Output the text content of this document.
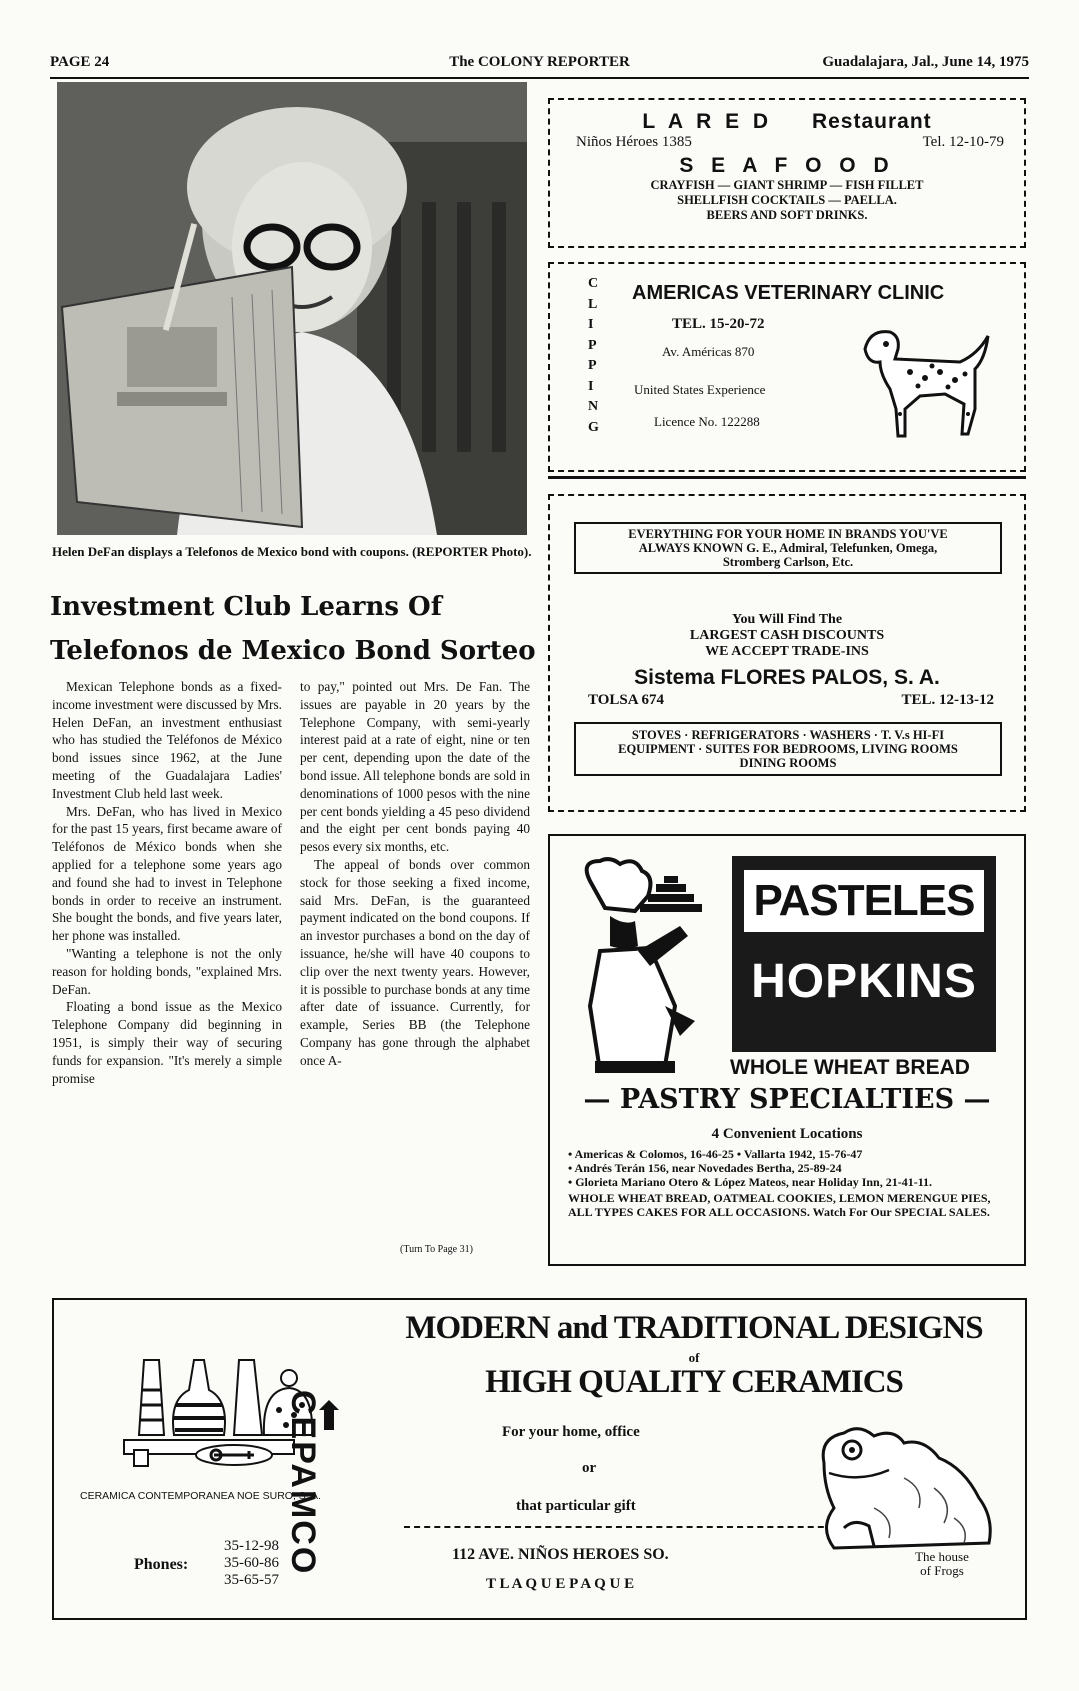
PAGE 24	The COLONY REPORTER	Guadalajara, Jal., June 14, 1975
Helen DeFan displays a Telefonos de Mexico bond with coupons. (REPORTER Photo).
Investment Club Learns Of
Telefonos de Mexico Bond Sorteo

Mexican Telephone bonds as a fixed-income investment were discussed by Mrs. Helen DeFan, an investment enthusiast who has studied the Teléfonos de México bond issues since 1962, at the June meeting of the Guadalajara Ladies' Investment Club held last week.

Mrs. DeFan, who has lived in Mexico for the past 15 years, first became aware of Teléfonos de México bonds when she applied for a telephone some years ago and found she had to invest in Telephone bonds in order to receive an instrument. She bought the bonds, and five years later, her phone was installed.

"Wanting a telephone is not the only reason for holding bonds, "explained Mrs. DeFan.

Floating a bond issue as the Mexico Telephone Company did beginning in 1951, is simply their way of securing funds for expansion. "It's merely a simple promise

to pay," pointed out Mrs. De Fan. The issues are payable in 20 years by the Telephone Company, with semi-yearly interest paid at a rate of eight, nine or ten per cent, depending upon the date of the bond issue. All telephone bonds are sold in denominations of 1000 pesos with the nine per cent bonds yielding a 45 peso dividend and the eight per cent bonds paying 40 pesos every six months, etc.

The appeal of bonds over common stock for those seeking a fixed income, said Mrs. DeFan, is the guaranteed payment indicated on the bond coupons. If an investor purchases a bond on the day of issuance, he/she will have 40 coupons to clip over the next twenty years. However, it is possible to purchase bonds at any time after date of issuance. Currently, for example, Series BB (the Telephone Company has gone through the alphabet once A-

(Turn To Page 31)
L A R E D Restaurant
Niños Héroes 1385	Tel. 12-10-79
S E A F O O D
CRAYFISH — GIANT SHRIMP — FISH FILLET
SHELLFISH COCKTAILS — PAELLA.
BEERS AND SOFT DRINKS.
CLIPPING
AMERICAS VETERINARY CLINIC
TEL. 15-20-72
Av. Américas 870
United States Experience
Licence No. 122288
EVERYTHING FOR YOUR HOME IN BRANDS YOU'VE ALWAYS KNOWN G. E., Admiral, Telefunken, Omega, Stromberg Carlson, Etc.
You Will Find The
LARGEST CASH DISCOUNTS
WE ACCEPT TRADE-INS
Sistema FLORES PALOS, S. A.
TOLSA 674	TEL. 12-13-12
STOVES · REFRIGERATORS · WASHERS · T. V.s HI-FI EQUIPMENT · SUITES FOR BEDROOMS, LIVING ROOMS DINING ROOMS
PASTELES
HOPKINS
WHOLE WHEAT BREAD
— PASTRY SPECIALTIES —
4 Convenient Locations
• Americas & Colomos, 16-46-25 • Vallarta 1942, 15-76-47
• Andrés Terán 156, near Novedades Bertha, 25-89-24
• Glorieta Mariano Otero & López Mateos, near Holiday Inn, 21-41-11.
WHOLE WHEAT BREAD, OATMEAL COOKIES, LEMON MERENGUE PIES, ALL TYPES CAKES FOR ALL OCCASIONS. Watch For Our SPECIAL SALES.
CEPAMCO
CERAMICA CONTEMPORANEA NOE SURO, S. A.
Phones:
35-12-98
35-60-86
35-65-57
MODERN and TRADITIONAL DESIGNS
of
HIGH QUALITY CERAMICS
For your home, office
or
that particular gift
112 AVE. NIÑOS HEROES SO.
T L A Q U E P A Q U E
The house
of Frogs
